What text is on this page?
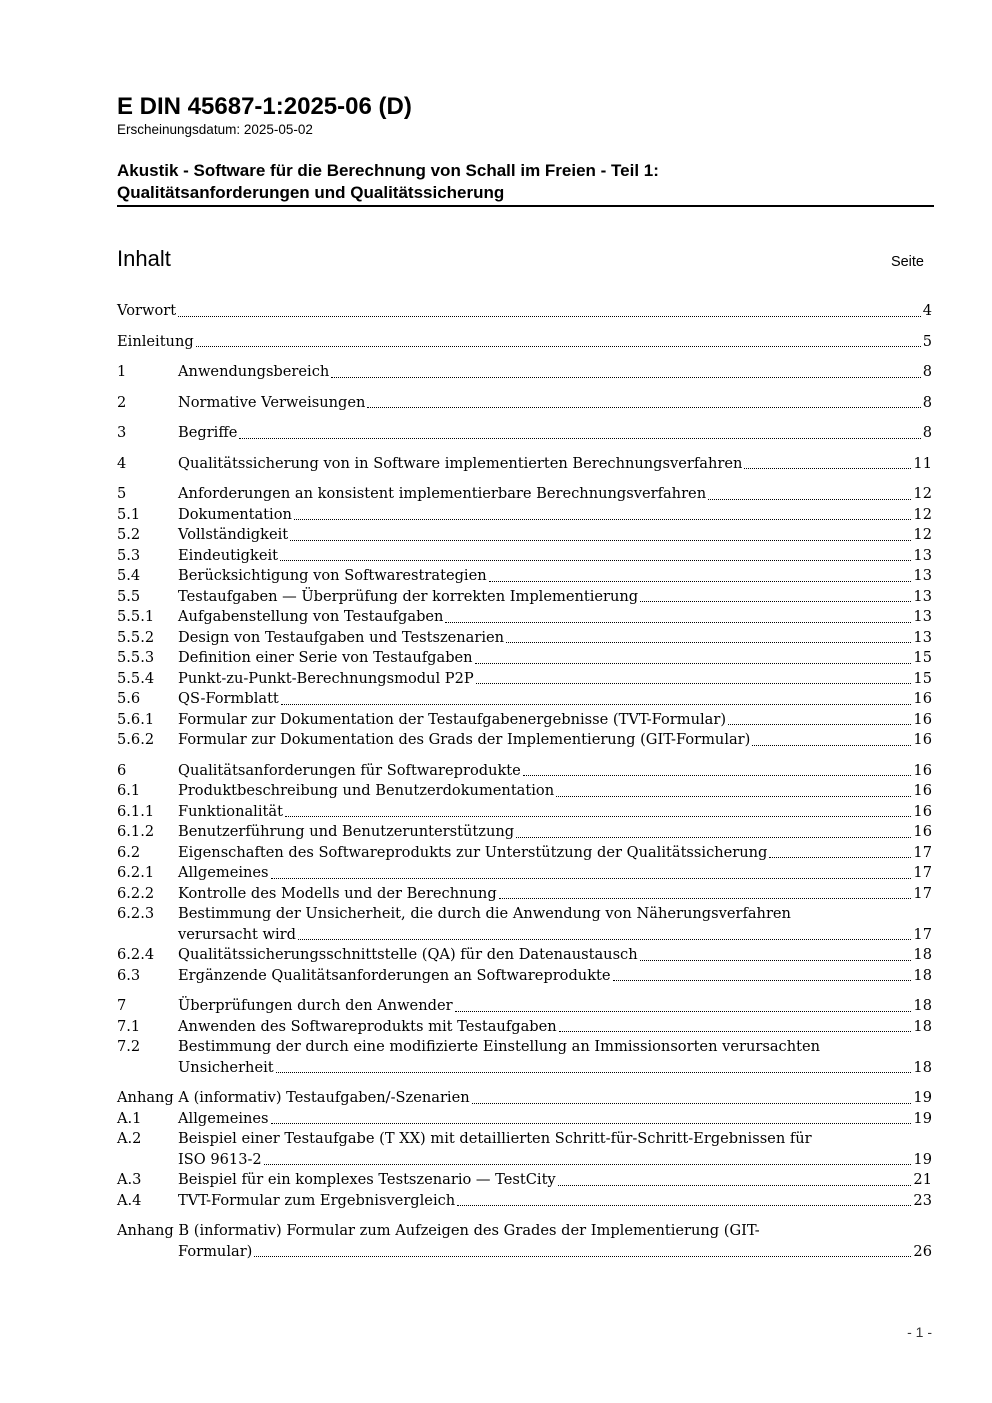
E DIN 45687-1:2025-06 (D)
Erscheinungsdatum: 2025-05-02
Akustik - Software für die Berechnung von Schall im Freien - Teil 1:
Qualitätsanforderungen und Qualitätssicherung
Inhalt	Seite
Vorwort	4
Einleitung	5
1	Anwendungsbereich	8
2	Normative Verweisungen	8
3	Begriffe	8
4	Qualitätssicherung von in Software implementierten Berechnungsverfahren	11
5	Anforderungen an konsistent implementierbare Berechnungsverfahren	12
5.1	Dokumentation	12
5.2	Vollständigkeit	12
5.3	Eindeutigkeit	13
5.4	Berücksichtigung von Softwarestrategien	13
5.5	Testaufgaben — Überprüfung der korrekten Implementierung	13
5.5.1	Aufgabenstellung von Testaufgaben	13
5.5.2	Design von Testaufgaben und Testszenarien	13
5.5.3	Definition einer Serie von Testaufgaben	15
5.5.4	Punkt-zu-Punkt-Berechnungsmodul P2P	15
5.6	QS-Formblatt	16
5.6.1	Formular zur Dokumentation der Testaufgabenergebnisse (TVT-Formular)	16
5.6.2	Formular zur Dokumentation des Grads der Implementierung (GIT-Formular)	16
6	Qualitätsanforderungen für Softwareprodukte	16
6.1	Produktbeschreibung und Benutzerdokumentation	16
6.1.1	Funktionalität	16
6.1.2	Benutzerführung und Benutzerunterstützung	16
6.2	Eigenschaften des Softwareprodukts zur Unterstützung der Qualitätssicherung	17
6.2.1	Allgemeines	17
6.2.2	Kontrolle des Modells und der Berechnung	17
6.2.3	Bestimmung der Unsicherheit, die durch die Anwendung von Näherungsverfahren
verursacht wird	17
6.2.4	Qualitätssicherungsschnittstelle (QA) für den Datenaustausch	18
6.3	Ergänzende Qualitätsanforderungen an Softwareprodukte	18
7	Überprüfungen durch den Anwender	18
7.1	Anwenden des Softwareprodukts mit Testaufgaben	18
7.2	Bestimmung der durch eine modifizierte Einstellung an Immissionsorten verursachten
Unsicherheit	18
Anhang A (informativ) Testaufgaben/-Szenarien	19
A.1	Allgemeines	19
A.2	Beispiel einer Testaufgabe (T XX) mit detaillierten Schritt-für-Schritt-Ergebnissen für
ISO 9613-2	19
A.3	Beispiel für ein komplexes Testszenario — TestCity	21
A.4	TVT-Formular zum Ergebnisvergleich	23
Anhang B (informativ) Formular zum Aufzeigen des Grades der Implementierung (GIT-
Formular)	26
- 1 -
